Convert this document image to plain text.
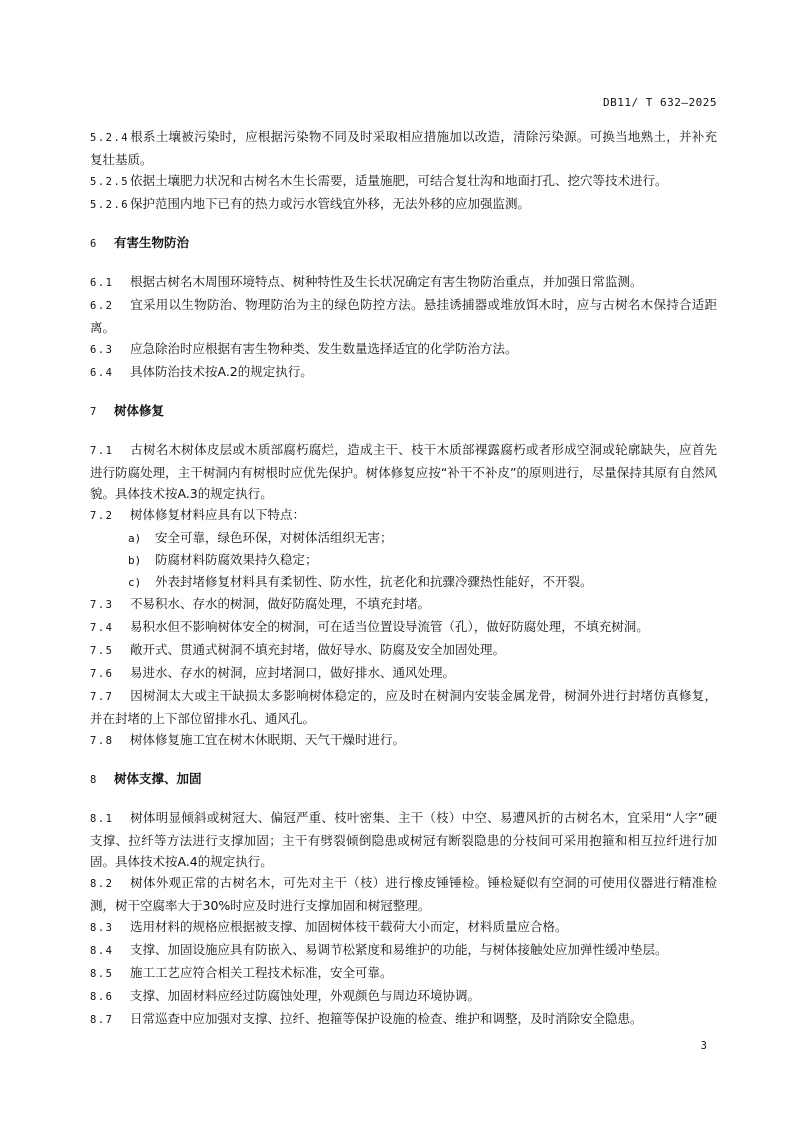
DB11/ T 632—2025

5.2.4根系土壤被污染时，应根据污染物不同及时采取相应措施加以改造，清除污染源。可换当地熟土，并补充复壮基质。

5.2.5依据土壤肥力状况和古树名木生长需要，适量施肥，可结合复壮沟和地面打孔、挖穴等技术进行。

5.2.6保护范围内地下已有的热力或污水管线宜外移，无法外移的应加强监测。

6 有害生物防治

6.1 根据古树名木周围环境特点、树种特性及生长状况确定有害生物防治重点，并加强日常监测。

6.2 宜采用以生物防治、物理防治为主的绿色防控方法。悬挂诱捕器或堆放饵木时，应与古树名木保持合适距离。

6.3 应急除治时应根据有害生物种类、发生数量选择适宜的化学防治方法。

6.4 具体防治技术按A.2的规定执行。

7 树体修复

7.1 古树名木树体皮层或木质部腐朽腐烂，造成主干、枝干木质部裸露腐朽或者形成空洞或轮廓缺失，应首先进行防腐处理，主干树洞内有树根时应优先保护。树体修复应按“补干不补皮”的原则进行，尽量保持其原有自然风貌。具体技术按A.3的规定执行。

7.2 树体修复材料应具有以下特点：

a) 安全可靠，绿色环保，对树体活组织无害；

b) 防腐材料防腐效果持久稳定；

c) 外表封堵修复材料具有柔韧性、防水性，抗老化和抗骤冷骤热性能好，不开裂。

7.3 不易积水、存水的树洞，做好防腐处理，不填充封堵。

7.4 易积水但不影响树体安全的树洞，可在适当位置设导流管（孔），做好防腐处理，不填充树洞。

7.5 敞开式、贯通式树洞不填充封堵，做好导水、防腐及安全加固处理。

7.6 易进水、存水的树洞，应封堵洞口，做好排水、通风处理。

7.7 因树洞太大或主干缺损太多影响树体稳定的，应及时在树洞内安装金属龙骨，树洞外进行封堵仿真修复，并在封堵的上下部位留排水孔、通风孔。

7.8 树体修复施工宜在树木休眠期、天气干燥时进行。

8 树体支撑、加固

8.1 树体明显倾斜或树冠大、偏冠严重、枝叶密集、主干（枝）中空、易遭风折的古树名木，宜采用“人字”硬支撑、拉纤等方法进行支撑加固；主干有劈裂倾倒隐患或树冠有断裂隐患的分枝间可采用抱箍和相互拉纤进行加固。具体技术按A.4的规定执行。

8.2 树体外观正常的古树名木，可先对主干（枝）进行橡皮锤锤检。锤检疑似有空洞的可使用仪器进行精准检测，树干空腐率大于30%时应及时进行支撑加固和树冠整理。

8.3 选用材料的规格应根据被支撑、加固树体枝干载荷大小而定，材料质量应合格。

8.4 支撑、加固设施应具有防嵌入、易调节松紧度和易维护的功能，与树体接触处应加弹性缓冲垫层。

8.5 施工工艺应符合相关工程技术标准，安全可靠。

8.6 支撑、加固材料应经过防腐蚀处理，外观颜色与周边环境协调。

8.7 日常巡查中应加强对支撑、拉纤、抱箍等保护设施的检查、维护和调整，及时消除安全隐患。

3
